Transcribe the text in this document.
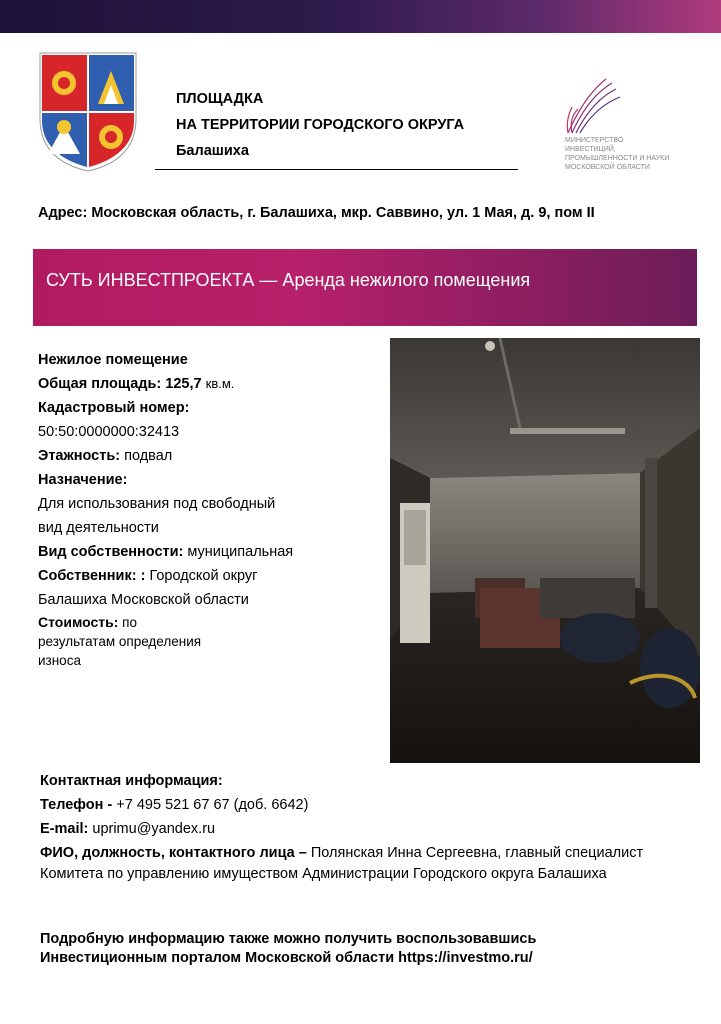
ПЛОЩАДКА
НА ТЕРРИТОРИИ ГОРОДСКОГО ОКРУГА
Балашиха
МИНИСТЕРСТВО ИНВЕСТИЦИЙ,
ПРОМЫШЛЕННОСТИ И НАУКИ
МОСКОВСКОЙ ОБЛАСТИ
Адрес: Московская область, г. Балашиха, мкр. Саввино, ул. 1 Мая, д. 9, пом II
СУТЬ ИНВЕСТПРОЕКТА — Аренда нежилого помещения
Нежилое помещение
Общая площадь: 125,7 кв.м.
Кадастровый номер:
50:50:0000000:32413
Этажность: подвал
Назначение:
Для использования под свободный
вид деятельности
Вид собственности: муниципальная
Собственник: : Городской округ
Балашиха Московской области
Стоимость: по
результатам определения
износа
Контактная информация:
Телефон - +7 495 521 67 67 (доб. 6642)
E-mail: uprimu@yandex.ru
ФИО, должность, контактного лица – Полянская Инна Сергеевна, главный специалист Комитета по управлению имуществом Администрации Городского округа Балашиха
Подробную информацию также можно получить воспользовавшись
Инвестиционным порталом Московской области https://investmo.ru/
